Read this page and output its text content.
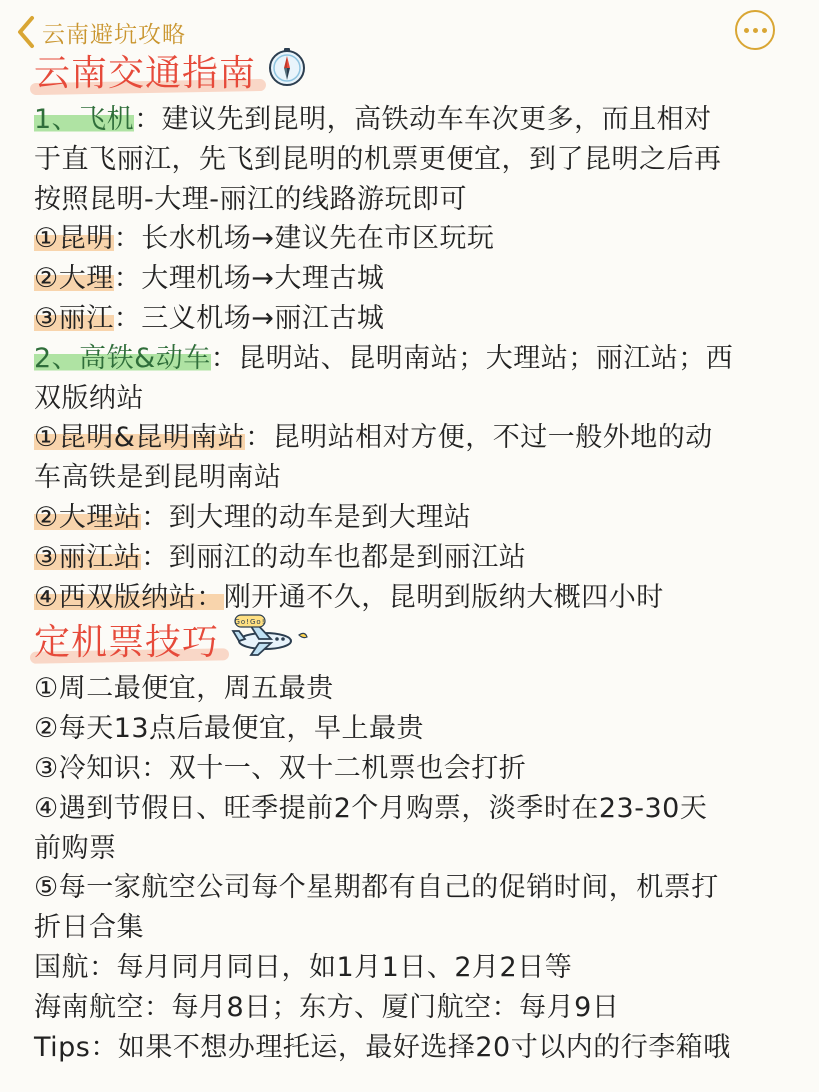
云南避坑攻略
云南交通指南
1、飞机：建议先到昆明，高铁动车车次更多，而且相对
于直飞丽江，先飞到昆明的机票更便宜，到了昆明之后再
按照昆明-大理-丽江的线路游玩即可
①昆明：长水机场→建议先在市区玩玩
②大理：大理机场→大理古城
③丽江：三义机场→丽江古城
2、高铁&动车：昆明站、昆明南站；大理站；丽江站；西
双版纳站
①昆明&昆明南站：昆明站相对方便，不过一般外地的动
车高铁是到昆明南站
②大理站：到大理的动车是到大理站
③丽江站：到丽江的动车也都是到丽江站
④西双版纳站：刚开通不久，昆明到版纳大概四小时
定机票技巧 Go!Go!
①周二最便宜，周五最贵
②每天13点后最便宜，早上最贵
③冷知识：双十一、双十二机票也会打折
④遇到节假日、旺季提前2个月购票，淡季时在23-30天
前购票
⑤每一家航空公司每个星期都有自己的促销时间，机票打
折日合集
国航：每月同月同日，如1月1日、2月2日等
海南航空：每月8日；东方、厦门航空：每月9日
Tips：如果不想办理托运，最好选择20寸以内的行李箱哦
